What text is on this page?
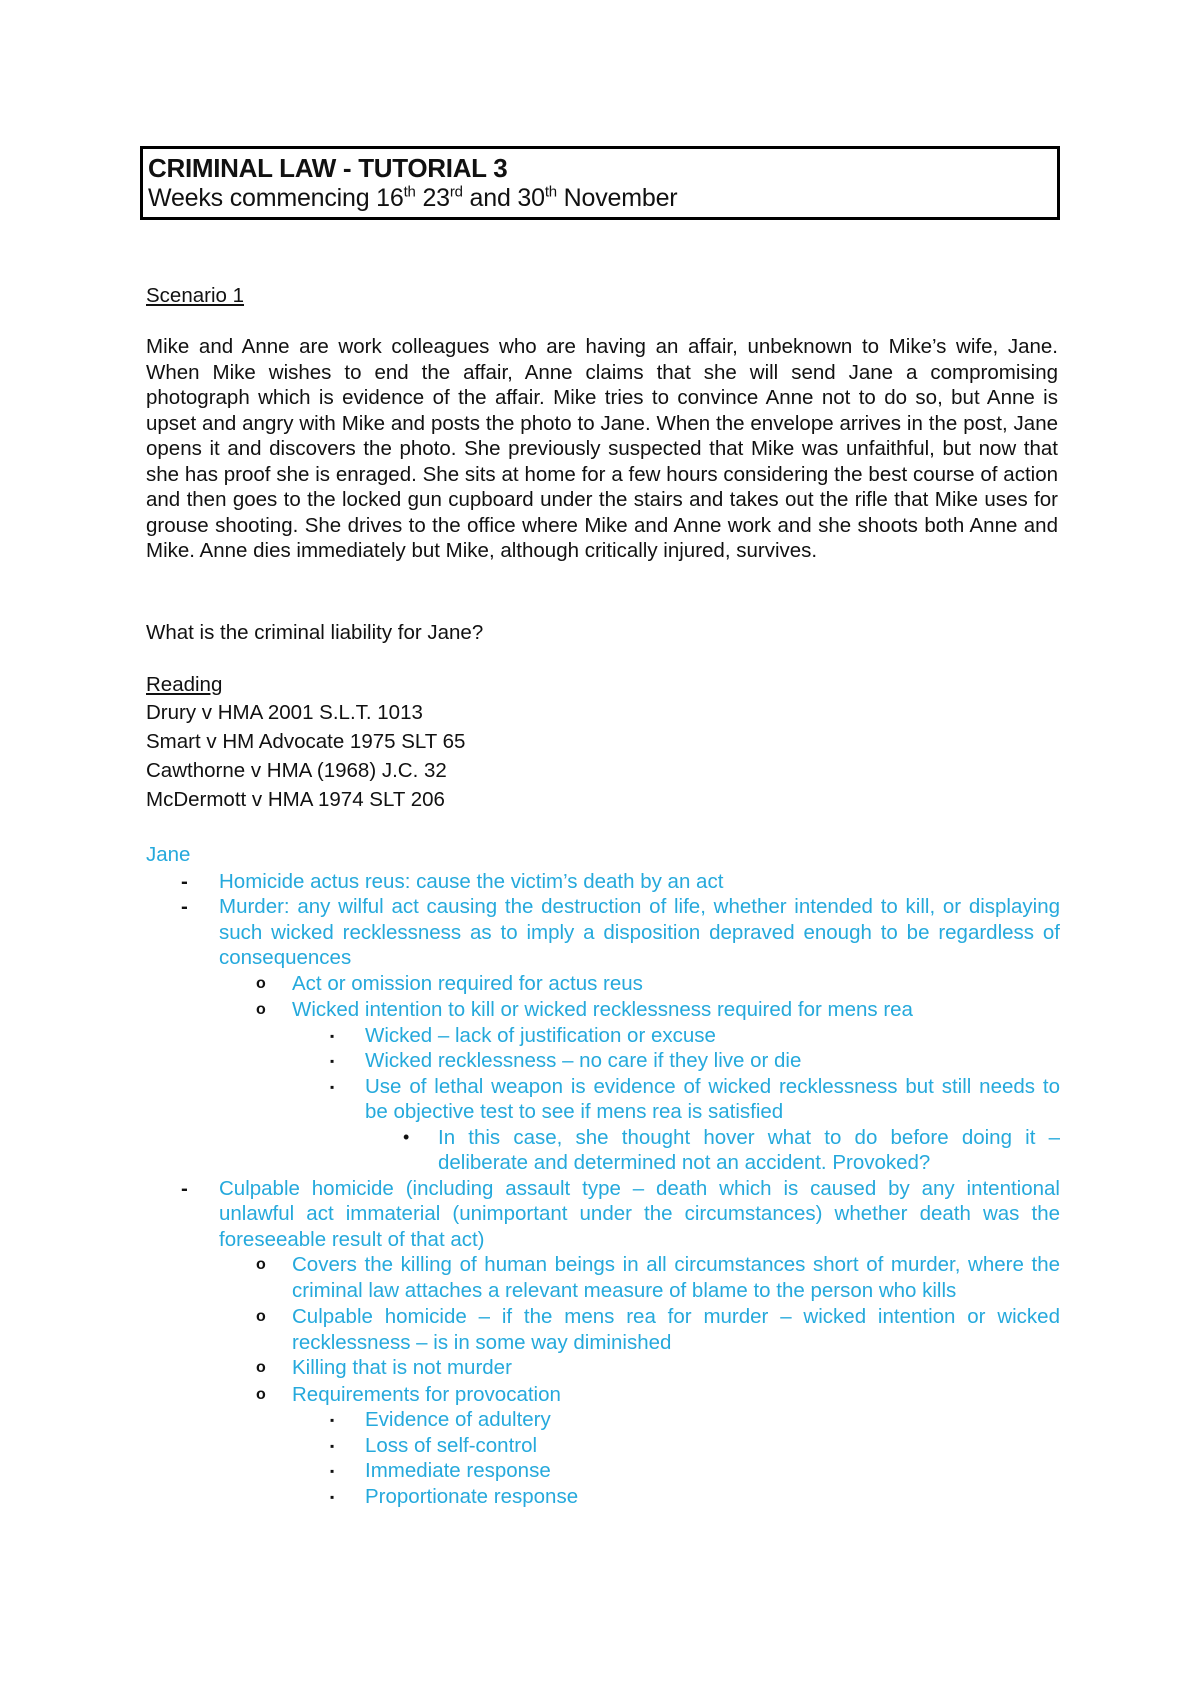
CRIMINAL LAW - TUTORIAL 3
Weeks commencing 16th 23rd and 30th November
Scenario 1
Mike and Anne are work colleagues who are having an affair, unbeknown to Mike’s wife, Jane. When Mike wishes to end the affair, Anne claims that she will send Jane a compromising photograph which is evidence of the affair. Mike tries to convince Anne not to do so, but Anne is upset and angry with Mike and posts the photo to Jane. When the envelope arrives in the post, Jane opens it and discovers the photo. She previously suspected that Mike was unfaithful, but now that she has proof she is enraged. She sits at home for a few hours considering the best course of action and then goes to the locked gun cupboard under the stairs and takes out the rifle that Mike uses for grouse shooting. She drives to the office where Mike and Anne work and she shoots both Anne and Mike. Anne dies immediately but Mike, although critically injured, survives.
What is the criminal liability for Jane?
Reading
Drury v HMA 2001 S.L.T. 1013
Smart v HM Advocate 1975 SLT 65
Cawthorne v HMA (1968) J.C. 32
McDermott v HMA 1974 SLT 206
Jane
- Homicide actus reus: cause the victim’s death by an act
- Murder: any wilful act causing the destruction of life, whether intended to kill, or displaying such wicked recklessness as to imply a disposition depraved enough to be regardless of consequences
o Act or omission required for actus reus
o Wicked intention to kill or wicked recklessness required for mens rea
▪ Wicked – lack of justification or excuse
▪ Wicked recklessness – no care if they live or die
▪ Use of lethal weapon is evidence of wicked recklessness but still needs to be objective test to see if mens rea is satisfied
• In this case, she thought hover what to do before doing it – deliberate and determined not an accident. Provoked?
- Culpable homicide (including assault type – death which is caused by any intentional unlawful act immaterial (unimportant under the circumstances) whether death was the foreseeable result of that act)
o Covers the killing of human beings in all circumstances short of murder, where the criminal law attaches a relevant measure of blame to the person who kills
o Culpable homicide – if the mens rea for murder – wicked intention or wicked recklessness – is in some way diminished
o Killing that is not murder
o Requirements for provocation
▪ Evidence of adultery
▪ Loss of self-control
▪ Immediate response
▪ Proportionate response
